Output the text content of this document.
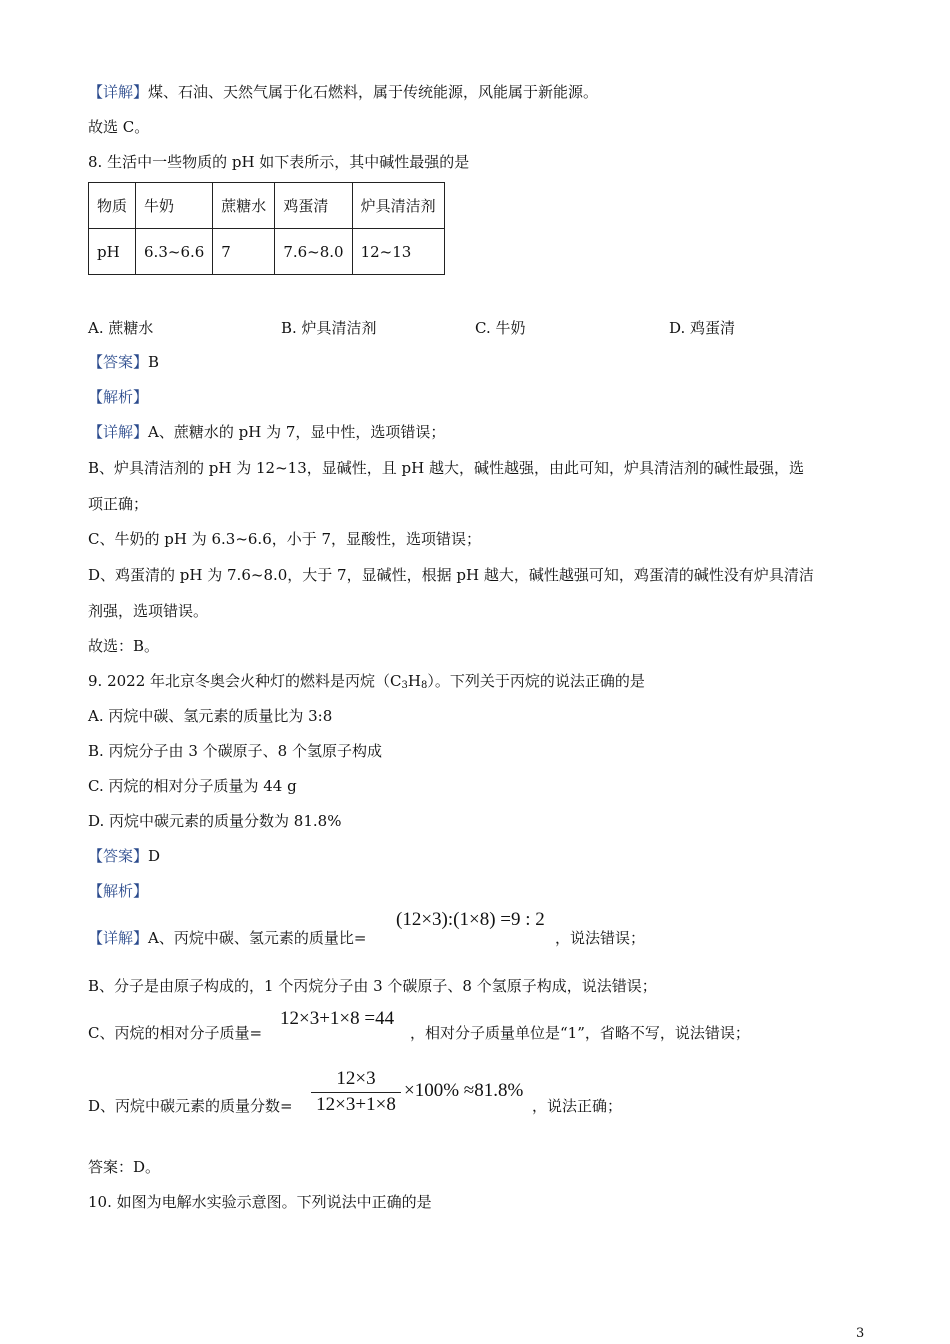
【详解】煤、石油、天然气属于化石燃料，属于传统能源，风能属于新能源。
故选 C。
8. 生活中一些物质的 pH 如下表所示，其中碱性最强的是
物质	牛奶	蔗糖水	鸡蛋清	炉具清洁剂
pH	6.3~6.6	7	7.6~8.0	12~13
A. 蔗糖水	B. 炉具清洁剂	C. 牛奶	D. 鸡蛋清
【答案】B
【解析】
【详解】A、蔗糖水的 pH 为 7，显中性，选项错误；
B、炉具清洁剂的 pH 为 12~13，显碱性，且 pH 越大，碱性越强，由此可知，炉具清洁剂的碱性最强，选
项正确；
C、牛奶的 pH 为 6.3~6.6，小于 7，显酸性，选项错误；
D、鸡蛋清的 pH 为 7.6~8.0，大于 7，显碱性，根据 pH 越大，碱性越强可知，鸡蛋清的碱性没有炉具清洁
剂强，选项错误。
故选：B。
9. 2022 年北京冬奥会火种灯的燃料是丙烷$(C_3H_8)$。下列关于丙烷的说法正确的是
A. 丙烷中碳、氢元素的质量比为 3:8
B. 丙烷分子由 3 个碳原子、8 个氢原子构成
C. 丙烷的相对分子质量为 44 g
D. 丙烷中碳元素的质量分数为 81.8%
【答案】D
【解析】
【详解】A、丙烷中碳、氢元素的质量比=
(12×3):(1×8) =9 : 2
，说法错误；
B、分子是由原子构成的，1 个丙烷分子由 3 个碳原子、8 个氢原子构成，说法错误；
C、丙烷的相对分子质量=
12×3+1×8 =44
，相对分子质量单位是“1”，省略不写，说法错误；
D、丙烷中碳元素的质量分数=
12×3
12×3+1×8
×100% ≈81.8%
，说法正确；
答案：D。
10. 如图为电解水实验示意图。下列说法中正确的是
3
